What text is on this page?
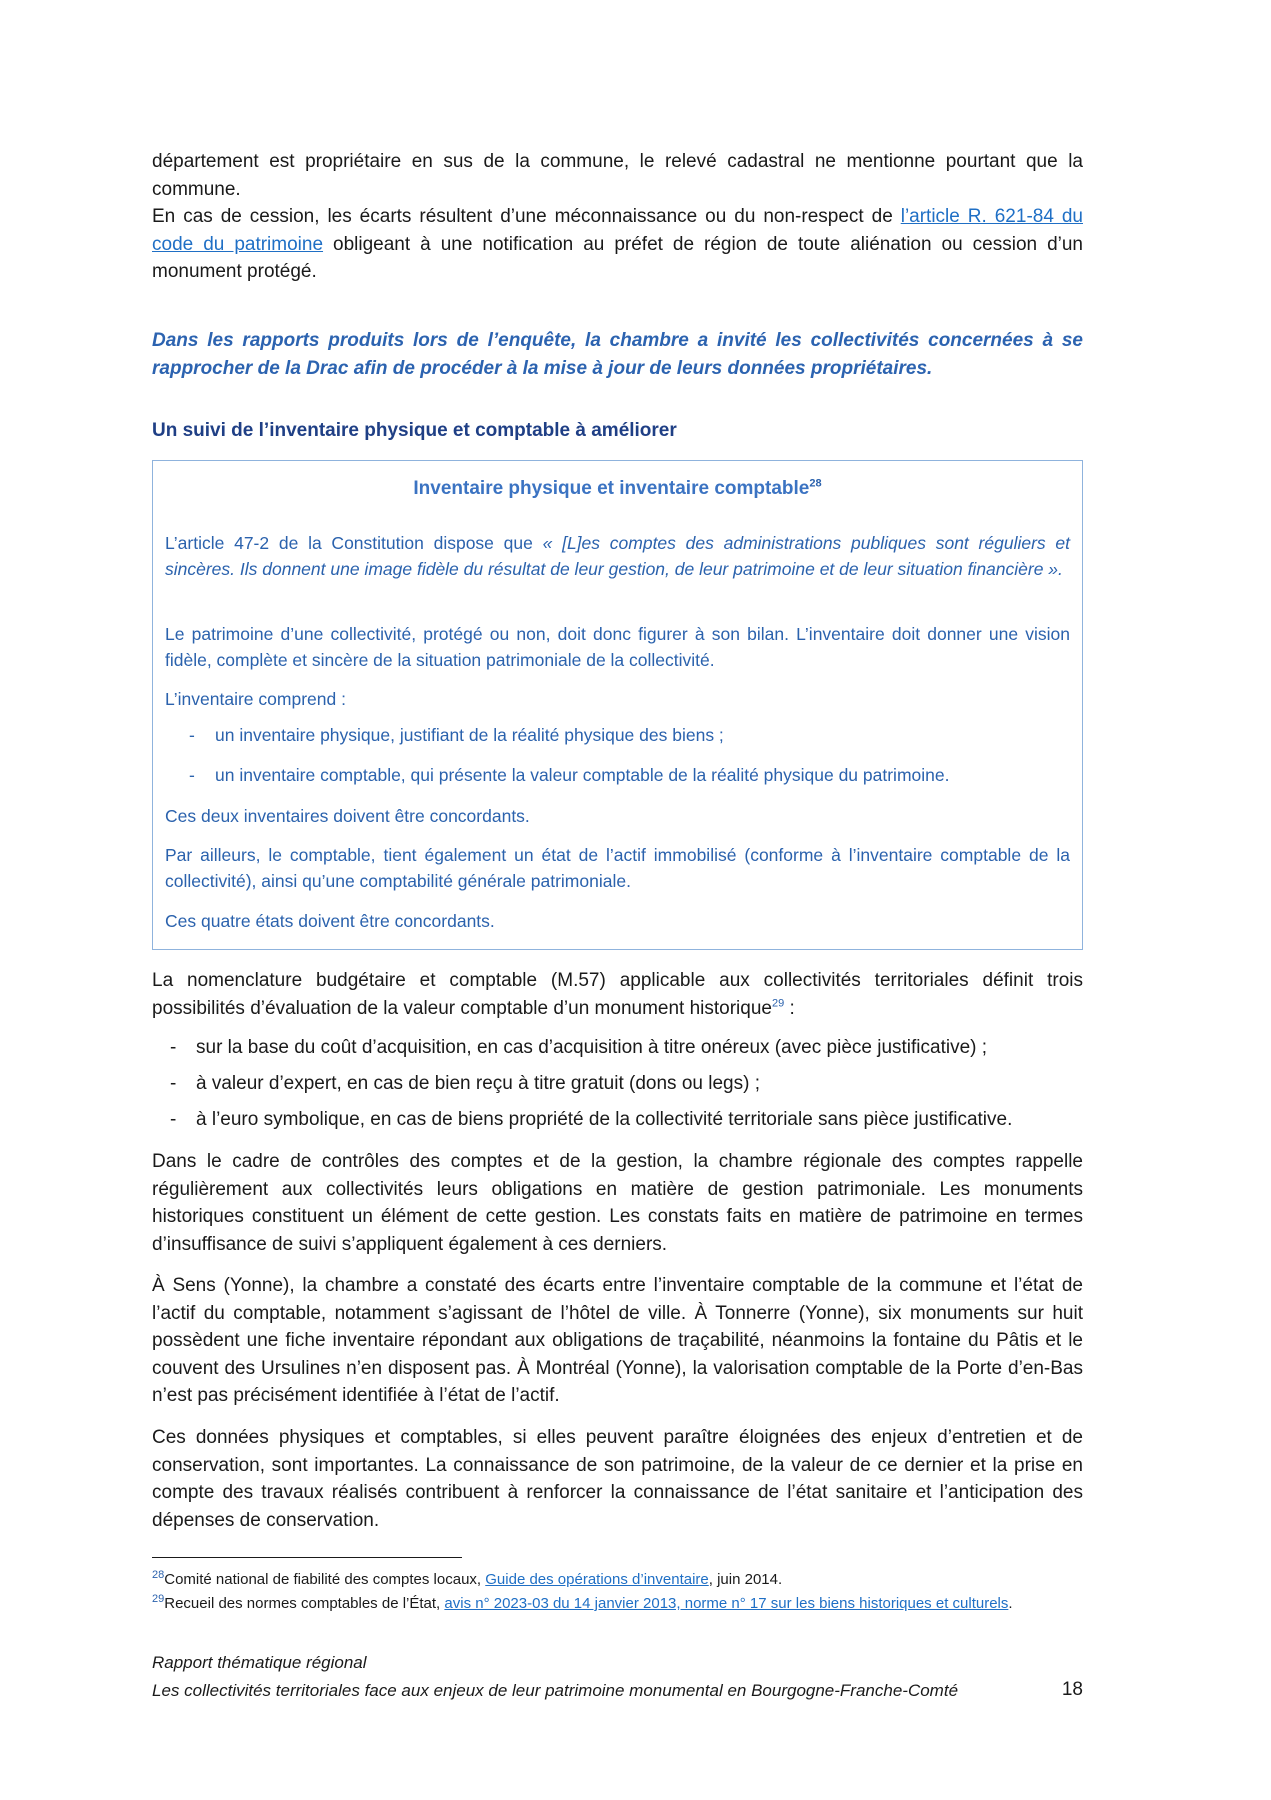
département est propriétaire en sus de la commune, le relevé cadastral ne mentionne pourtant que la commune.

En cas de cession, les écarts résultent d’une méconnaissance ou du non-respect de l’article R. 621-84 du code du patrimoine obligeant à une notification au préfet de région de toute aliénation ou cession d’un monument protégé.

Dans les rapports produits lors de l’enquête, la chambre a invité les collectivités concernées à se rapprocher de la Drac afin de procéder à la mise à jour de leurs données propriétaires.

Un suivi de l’inventaire physique et comptable à améliorer
Inventaire physique et inventaire comptable$^{28}$

L’article 47-2 de la Constitution dispose que « [L]es comptes des administrations publiques sont réguliers et sincères. Ils donnent une image fidèle du résultat de leur gestion, de leur patrimoine et de leur situation financière ».

Le patrimoine d’une collectivité, protégé ou non, doit donc figurer à son bilan. L’inventaire doit donner une vision fidèle, complète et sincère de la situation patrimoniale de la collectivité.

L’inventaire comprend :

- un inventaire physique, justifiant de la réalité physique des biens ;
- un inventaire comptable, qui présente la valeur comptable de la réalité physique du patrimoine.

Ces deux inventaires doivent être concordants.

Par ailleurs, le comptable, tient également un état de l’actif immobilisé (conforme à l’inventaire comptable de la collectivité), ainsi qu’une comptabilité générale patrimoniale.

Ces quatre états doivent être concordants.

La nomenclature budgétaire et comptable (M.57) applicable aux collectivités territoriales définit trois possibilités d’évaluation de la valeur comptable d’un monument historique$^{29}$ :

- sur la base du coût d’acquisition, en cas d’acquisition à titre onéreux (avec pièce justificative) ;
- à valeur d’expert, en cas de bien reçu à titre gratuit (dons ou legs) ;
- à l’euro symbolique, en cas de biens propriété de la collectivité territoriale sans pièce justificative.

Dans le cadre de contrôles des comptes et de la gestion, la chambre régionale des comptes rappelle régulièrement aux collectivités leurs obligations en matière de gestion patrimoniale. Les monuments historiques constituent un élément de cette gestion. Les constats faits en matière de patrimoine en termes d’insuffisance de suivi s’appliquent également à ces derniers.

À Sens (Yonne), la chambre a constaté des écarts entre l’inventaire comptable de la commune et l’état de l’actif du comptable, notamment s’agissant de l’hôtel de ville. À Tonnerre (Yonne), six monuments sur huit possèdent une fiche inventaire répondant aux obligations de traçabilité, néanmoins la fontaine du Pâtis et le couvent des Ursulines n’en disposent pas. À Montréal (Yonne), la valorisation comptable de la Porte d’en-Bas n’est pas précisément identifiée à l’état de l’actif.

Ces données physiques et comptables, si elles peuvent paraître éloignées des enjeux d’entretien et de conservation, sont importantes. La connaissance de son patrimoine, de la valeur de ce dernier et la prise en compte des travaux réalisés contribuent à renforcer la connaissance de l’état sanitaire et l’anticipation des dépenses de conservation.

$^{28}$Comité national de fiabilité des comptes locaux, Guide des opérations d’inventaire, juin 2014.

$^{29}$Recueil des normes comptables de l’État, avis n° 2023-03 du 14 janvier 2013, norme n° 17 sur les biens historiques et culturels.

Rapport thématique régional
Les collectivités territoriales face aux enjeux de leur patrimoine monumental en Bourgogne-Franche-Comté	18
